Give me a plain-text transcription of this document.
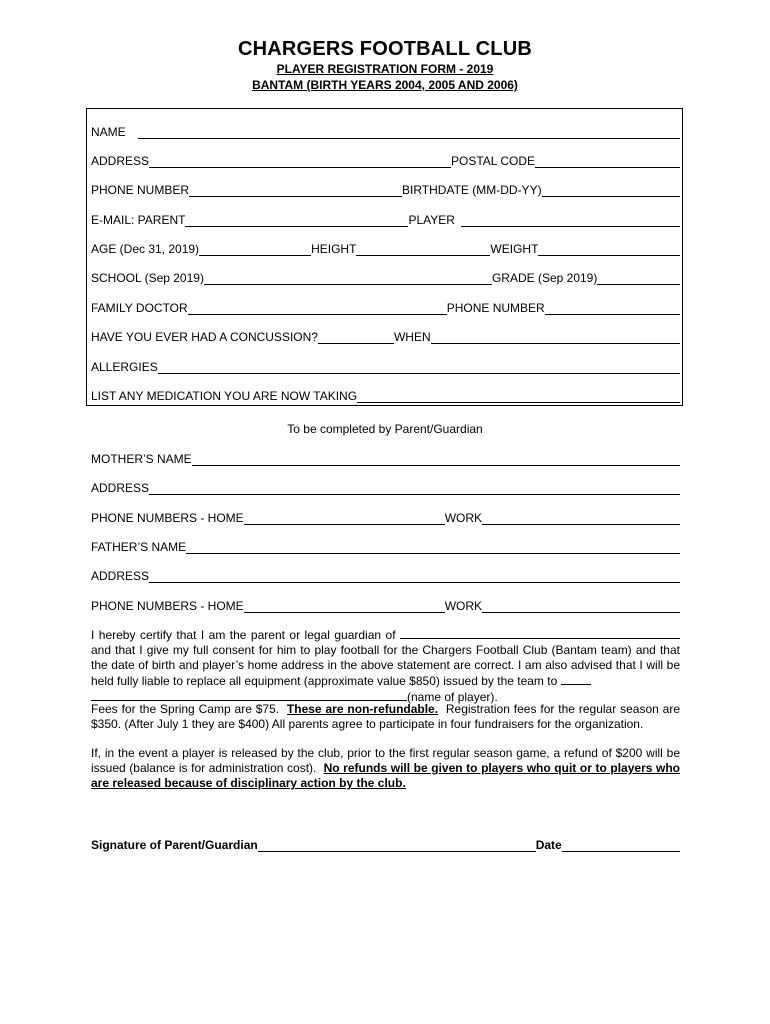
CHARGERS FOOTBALL CLUB
PLAYER REGISTRATION FORM - 2019
BANTAM (BIRTH YEARS 2004, 2005 AND 2006)
NAME
ADDRESS	POSTAL CODE
PHONE NUMBER	BIRTHDATE (MM-DD-YY)
E-MAIL: PARENT	PLAYER
AGE (Dec 31, 2019)	HEIGHT	WEIGHT
SCHOOL (Sep 2019)	GRADE (Sep 2019)
FAMILY DOCTOR	PHONE NUMBER
HAVE YOU EVER HAD A CONCUSSION?	WHEN
ALLERGIES
LIST ANY MEDICATION YOU ARE NOW TAKING
To be completed by Parent/Guardian
MOTHER’S NAME
ADDRESS
PHONE NUMBERS - HOME	WORK
FATHER’S NAME
ADDRESS
PHONE NUMBERS - HOME	WORK
I hereby certify that I am the parent or legal guardian of  and that I give my full consent for him to play football for the Chargers Football Club (Bantam team) and that the date of birth and player’s home address in the above statement are correct. I am also advised that I will be held fully liable to replace all equipment (approximate value $850) issued by the team to
(name of player).
Fees for the Spring Camp are $75. These are non-refundable. Registration fees for the regular season are $350. (After July 1 they are $400) All parents agree to participate in four fundraisers for the organization.
If, in the event a player is released by the club, prior to the first regular season game, a refund of $200 will be issued (balance is for administration cost). No refunds will be given to players who quit or to players who are released because of disciplinary action by the club.
Signature of Parent/Guardian	Date
